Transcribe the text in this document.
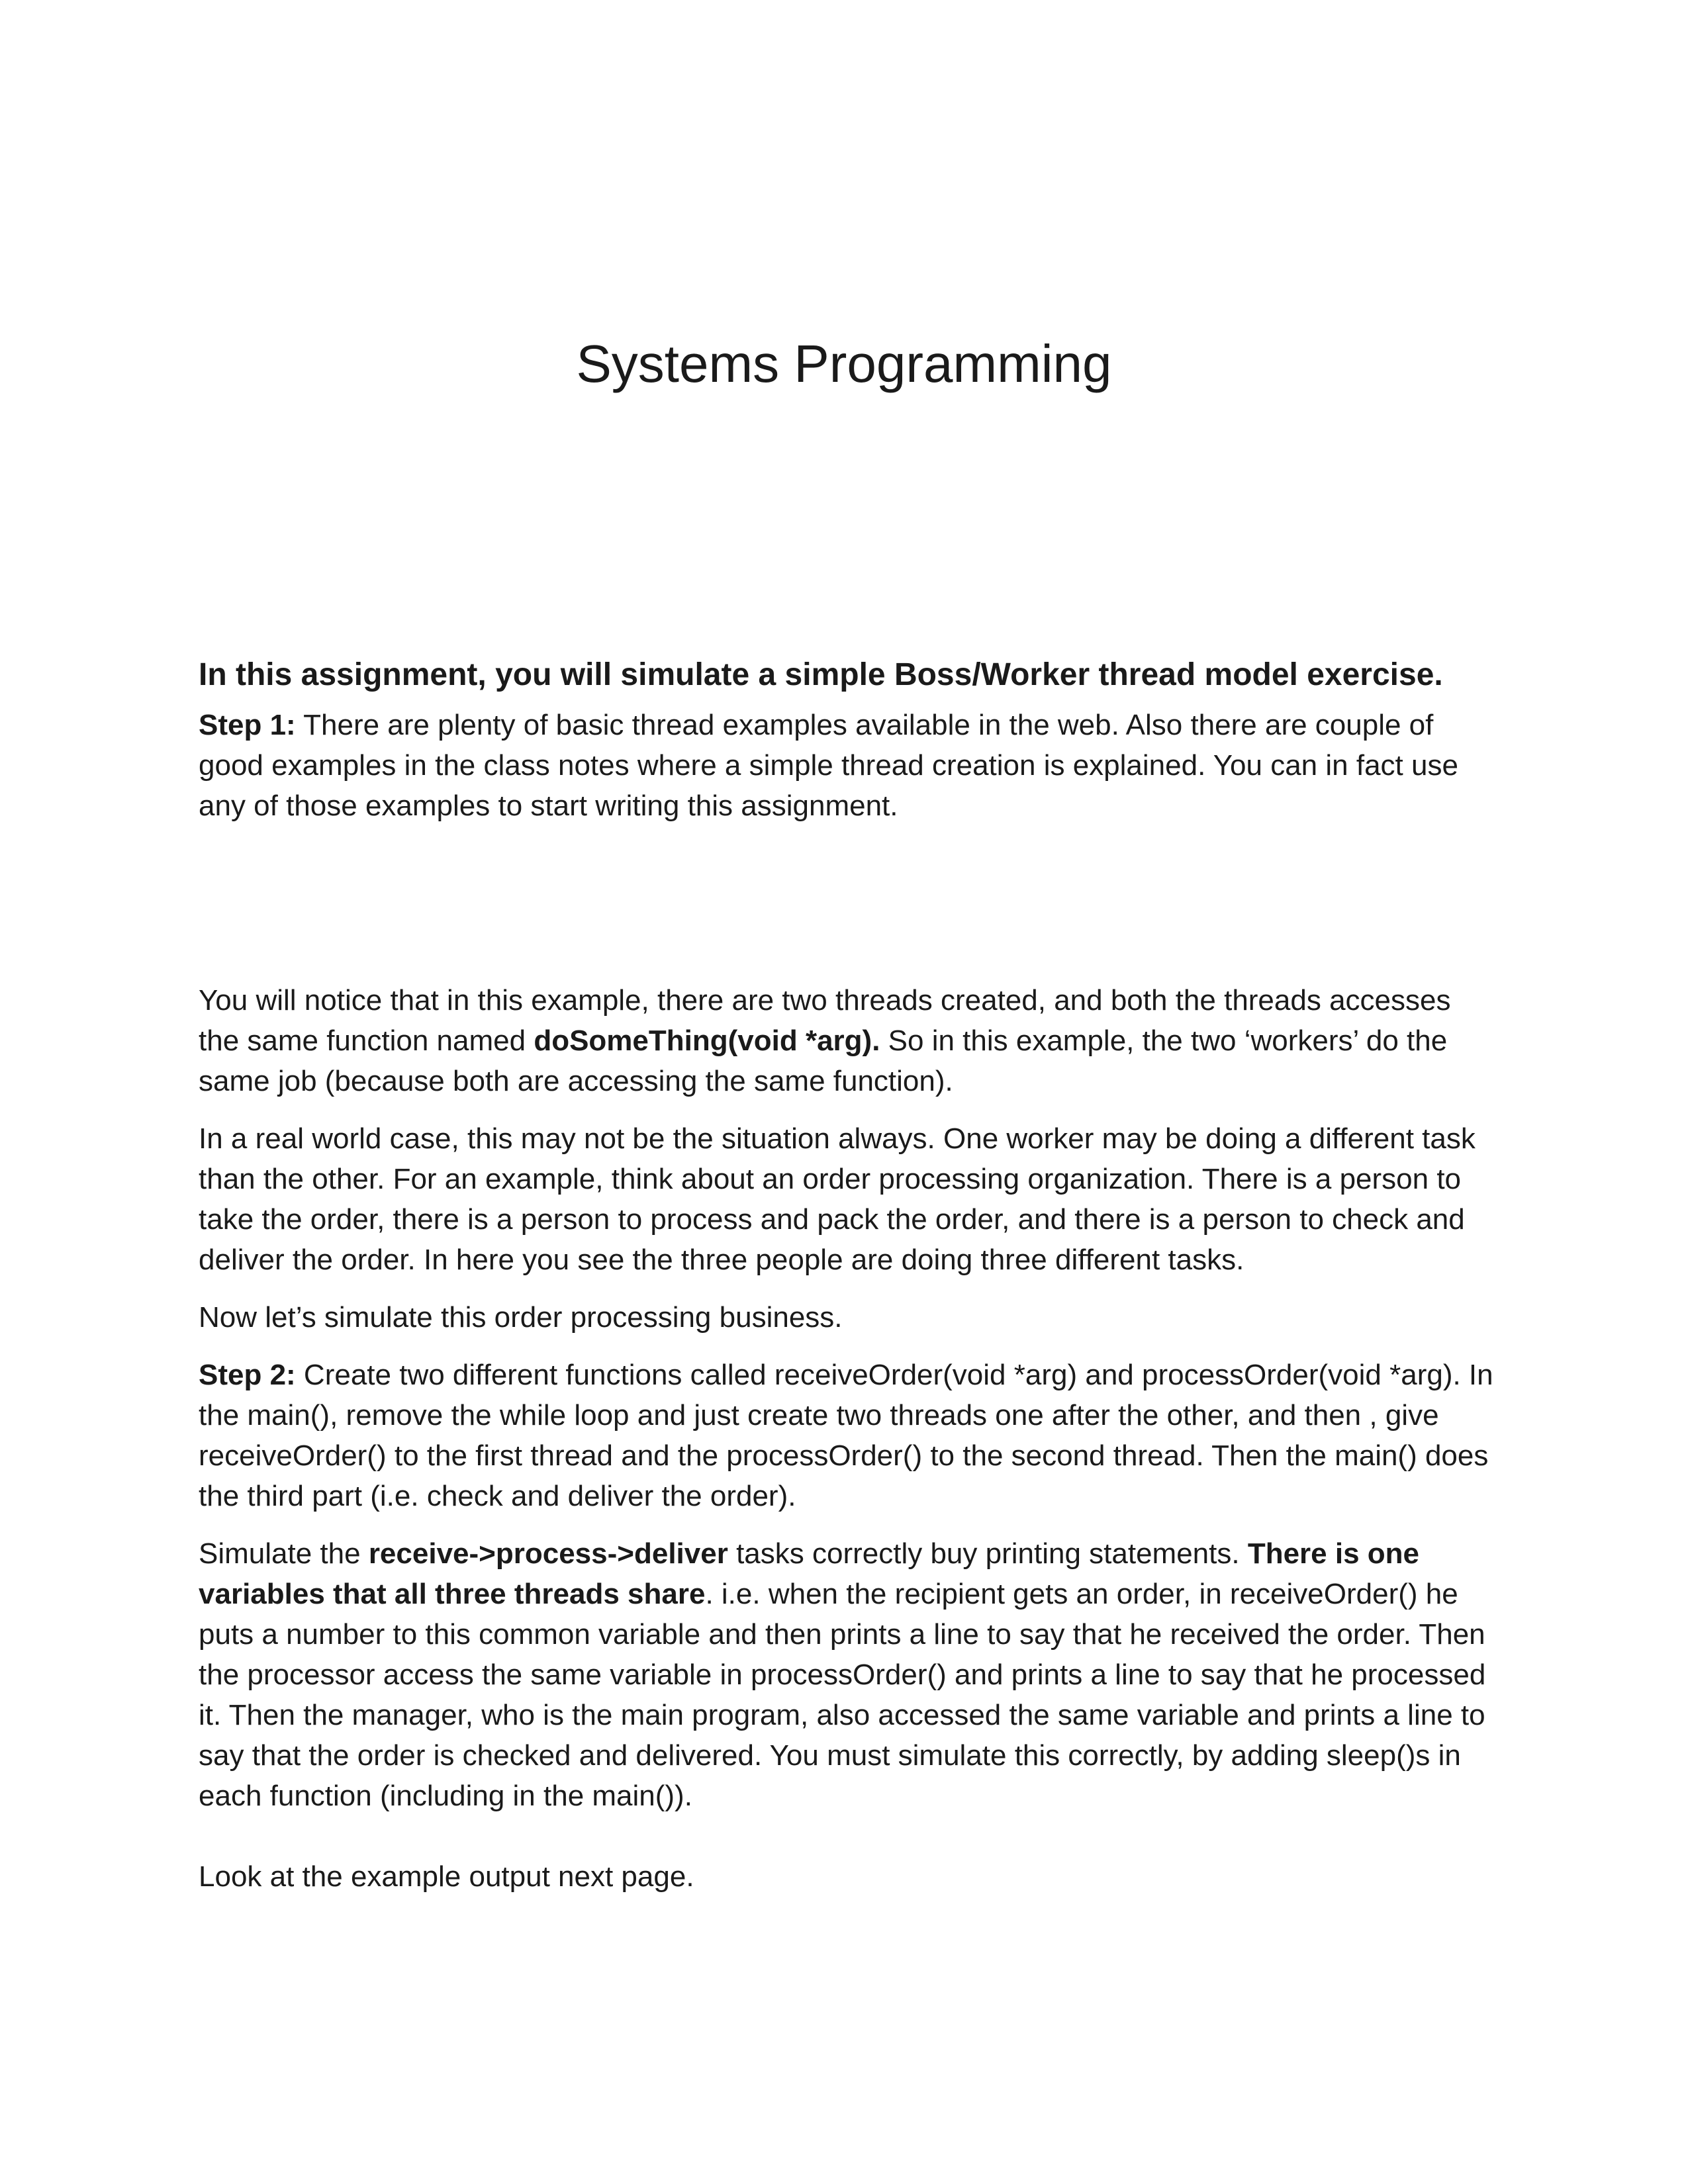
Systems Programming

In this assignment, you will simulate a simple Boss/Worker thread model exercise.

Step 1: There are plenty of basic thread examples available in the web. Also there are couple of good examples in the class notes where a simple thread creation is explained. You can in fact use any of those examples to start writing this assignment.

You will notice that in this example, there are two threads created, and both the threads accesses the same function named doSomeThing(void *arg). So in this example, the two ‘workers’ do the same job (because both are accessing the same function).

In a real world case, this may not be the situation always. One worker may be doing a different task than the other. For an example, think about an order processing organization. There is a person to take the order, there is a person to process and pack the order, and there is a person to check and deliver the order. In here you see the three people are doing three different tasks.

Now let’s simulate this order processing business.

Step 2: Create two different functions called receiveOrder(void *arg) and processOrder(void *arg). In the main(), remove the while loop and just create two threads one after the other, and then , give receiveOrder() to the first thread and the processOrder() to the second thread. Then the main() does the third part (i.e. check and deliver the order).

Simulate the receive->process->deliver tasks correctly buy printing statements. There is one variables that all three threads share. i.e. when the recipient gets an order, in receiveOrder() he puts a number to this common variable and then prints a line to say that he received the order. Then the processor access the same variable in processOrder() and prints a line to say that he processed it. Then the manager, who is the main program, also accessed the same variable and prints a line to say that the order is checked and delivered. You must simulate this correctly, by adding sleep()s in each function (including in the main()).

Look at the example output next page.
